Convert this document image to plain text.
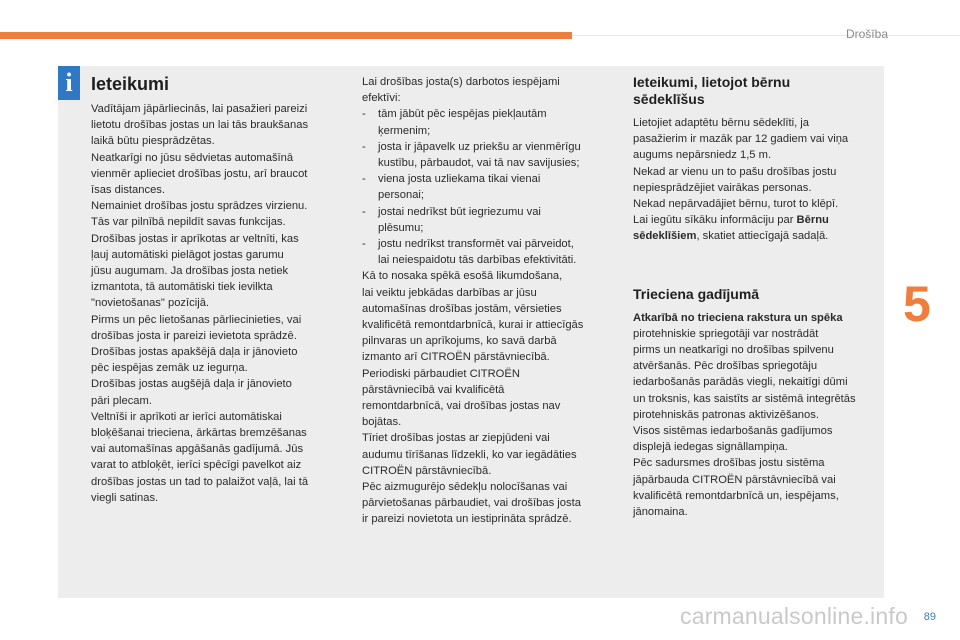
Drošība
5
i	Ieteikumi

Vadītājam jāpārliecinās, lai pasažieri pareizi

lietotu drošības jostas un lai tās braukšanas

laikā būtu piesprādzētas.

Neatkarīgi no jūsu sēdvietas automašīnā

vienmēr aplieciet drošības jostu, arī braucot

īsas distances.

Nemainiet drošības jostu sprādzes virzienu.

Tās var pilnībā nepildīt savas funkcijas.

Drošības jostas ir aprīkotas ar veltnīti, kas

ļauj automātiski pielāgot jostas garumu

jūsu augumam. Ja drošības josta netiek

izmantota, tā automātiski tiek ievilkta

"novietošanas" pozīcijā.

Pirms un pēc lietošanas pārliecinieties, vai

drošības josta ir pareizi ievietota sprādzē.

Drošības jostas apakšējā daļa ir jānovieto

pēc iespējas zemāk uz iegurņa.

Drošības jostas augšējā daļa ir jānovieto

pāri plecam.

Veltnīši ir aprīkoti ar ierīci automātiskai

bloķēšanai trieciena, ārkārtas bremzēšanas

vai automašīnas apgāšanās gadījumā. Jūs

varat to atbloķēt, ierīci spēcīgi pavelkot aiz

drošības jostas un tad to palaižot vaļā, lai tā

viegli satinas.

Lai drošības josta(s) darbotos iespējami

efektīvi:

-	tām jābūt pēc iespējas piekļautām

ķermenim;

-	josta ir jāpavelk uz priekšu ar vienmērīgu

kustību, pārbaudot, vai tā nav savijusies;

-	viena josta uzliekama tikai vienai

personai;

-	jostai nedrīkst būt iegriezumu vai

plēsumu;

-	jostu nedrīkst transformēt vai pārveidot,

lai neiespaidotu tās darbības efektivitāti.

Kā to nosaka spēkā esošā likumdošana,

lai veiktu jebkādas darbības ar jūsu

automašīnas drošības jostām, vērsieties

kvalificētā remontdarbnīcā, kurai ir attiecīgās

pilnvaras un aprīkojums, ko savā darbā

izmanto arī CITROËN pārstāvniecībā.

Periodiski pārbaudiet CITROËN

pārstāvniecībā vai kvalificētā

remontdarbnīcā, vai drošības jostas nav

bojātas.

Tīriet drošības jostas ar ziepjūdeni vai

audumu tīrīšanas līdzekli, ko var iegādāties

CITROËN pārstāvniecībā.

Pēc aizmugurējo sēdekļu nolocīšanas vai

pārvietošanas pārbaudiet, vai drošības josta

ir pareizi novietota un iestiprināta sprādzē.

Ieteikumi, lietojot bērnu
sēdeklīšus

Lietojiet adaptētu bērnu sēdeklīti, ja

pasažierim ir mazāk par 12 gadiem vai viņa

augums nepārsniedz 1,5 m.

Nekad ar vienu un to pašu drošības jostu

nepiesprādzējiet vairākas personas.

Nekad nepārvadājiet bērnu, turot to klēpī.

Lai iegūtu sīkāku informāciju par Bērnu
sēdeklīšiem, skatiet attiecīgajā sadaļā.

Trieciena gadījumā

Atkarībā no trieciena rakstura un spēka

pirotehniskie spriegotāji var nostrādāt

pirms un neatkarīgi no drošības spilvenu

atvēršanās. Pēc drošības spriegotāju

iedarbošanās parādās viegli, nekaitīgi dūmi

un troksnis, kas saistīts ar sistēmā integrētās

pirotehniskās patronas aktivizēšanos.

Visos sistēmas iedarbošanās gadījumos

displejā iedegas signāllampiņa.

Pēc sadursmes drošības jostu sistēma

jāpārbauda CITROËN pārstāvniecībā vai

kvalificētā remontdarbnīcā un, iespējams,

jānomaina.

carmanualsonline.info 89
